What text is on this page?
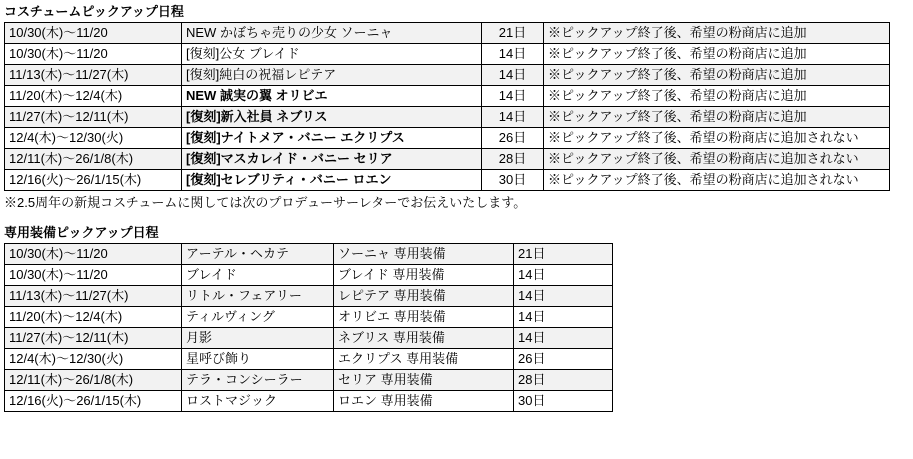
コスチュームピックアップ日程
10/30(木)〜11/20	NEW かぼちゃ売りの少女 ソーニャ	21日	※ピックアップ終了後、希望の粉商店に追加
10/30(木)〜11/20	[復刻]公女 ブレイド	14日	※ピックアップ終了後、希望の粉商店に追加
11/13(木)〜11/27(木)	[復刻]純白の祝福レピテア	14日	※ピックアップ終了後、希望の粉商店に追加
11/20(木)〜12/4(木)	NEW 誠実の翼 オリビエ	14日	※ピックアップ終了後、希望の粉商店に追加
11/27(木)〜12/11(木)	[復刻]新入社員 ネブリス	14日	※ピックアップ終了後、希望の粉商店に追加
12/4(木)〜12/30(火)	[復刻]ナイトメア・バニー エクリプス	26日	※ピックアップ終了後、希望の粉商店に追加されない
12/11(木)〜26/1/8(木)	[復刻]マスカレイド・バニー セリア	28日	※ピックアップ終了後、希望の粉商店に追加されない
12/16(火)〜26/1/15(木)	[復刻]セレブリティ・バニー ロエン	30日	※ピックアップ終了後、希望の粉商店に追加されない
※2.5周年の新規コスチュームに関しては次のプロデューサーレターでお伝えいたします。
専用装備ピックアップ日程
10/30(木)〜11/20	アーテル・ヘカテ	ソーニャ 専用装備	21日
10/30(木)〜11/20	ブレイド	ブレイド 専用装備	14日
11/13(木)〜11/27(木)	リトル・フェアリー	レピテア 専用装備	14日
11/20(木)〜12/4(木)	ティルヴィング	オリビエ 専用装備	14日
11/27(木)〜12/11(木)	月影	ネブリス 専用装備	14日
12/4(木)〜12/30(火)	星呼び飾り	エクリプス 専用装備	26日
12/11(木)〜26/1/8(木)	テラ・コンシーラー	セリア 専用装備	28日
12/16(火)〜26/1/15(木)	ロストマジック	ロエン 専用装備	30日
